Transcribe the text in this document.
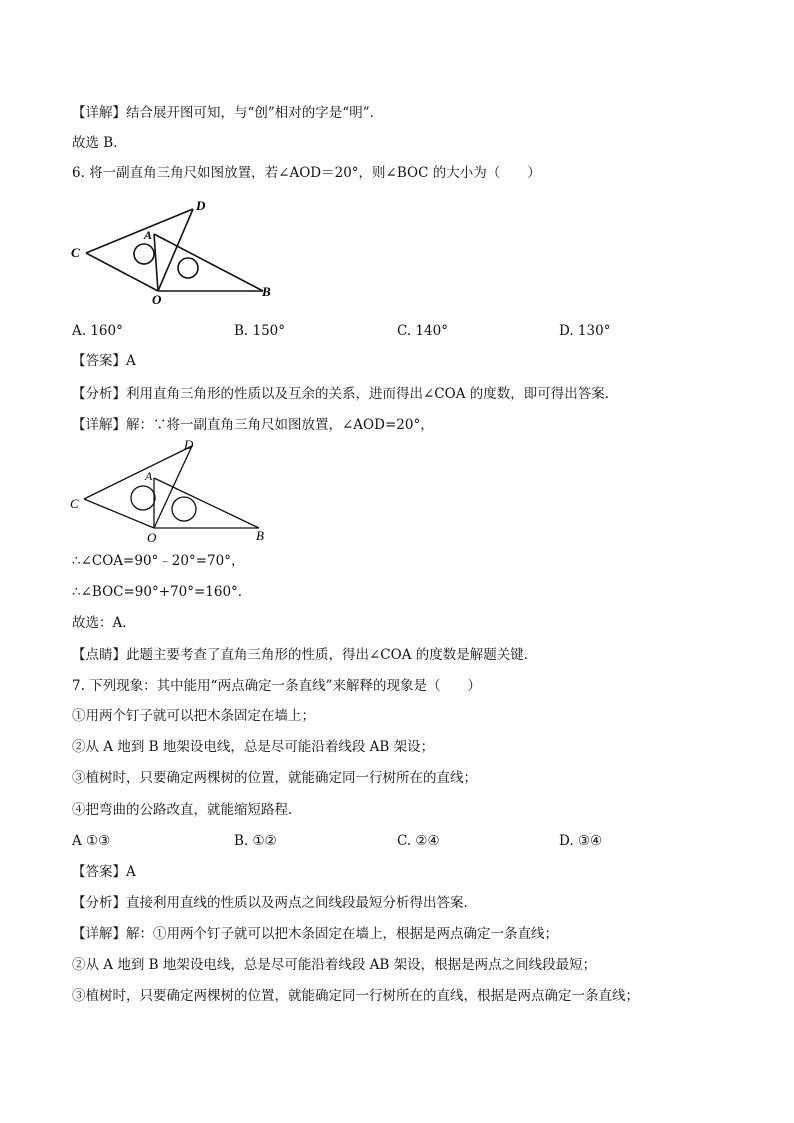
【详解】结合展开图可知，与“创”相对的字是“明”．
故选 B．
6. 将一副直角三角尺如图放置，若∠AOD＝20°，则∠BOC 的大小为（　　）
C
A
D
O
B
A. 160°	B. 150°	C. 140°	D. 130°
【答案】A
【分析】利用直角三角形的性质以及互余的关系，进而得出∠COA 的度数，即可得出答案．
【详解】解：∵将一副直角三角尺如图放置，∠AOD=20°，
C
A
D
O	B
∴∠COA=90°﹣20°=70°，
∴∠BOC=90°+70°=160°．
故选：A．
【点睛】此题主要考查了直角三角形的性质，得出∠COA 的度数是解题关键．
7. 下列现象：其中能用“两点确定一条直线”来解释的现象是（　　）
①用两个钉子就可以把木条固定在墙上；
②从 A 地到 B 地架设电线，总是尽可能沿着线段 AB 架设；
③植树时，只要确定两棵树的位置，就能确定同一行树所在的直线；
④把弯曲的公路改直，就能缩短路程．
A ①③	B. ①②	C. ②④	D. ③④
【答案】A
【分析】直接利用直线的性质以及两点之间线段最短分析得出答案．
【详解】解：①用两个钉子就可以把木条固定在墙上，根据是两点确定一条直线；
②从 A 地到 B 地架设电线，总是尽可能沿着线段 AB 架设，根据是两点之间线段最短；
③植树时，只要确定两棵树的位置，就能确定同一行树所在的直线，根据是两点确定一条直线；
